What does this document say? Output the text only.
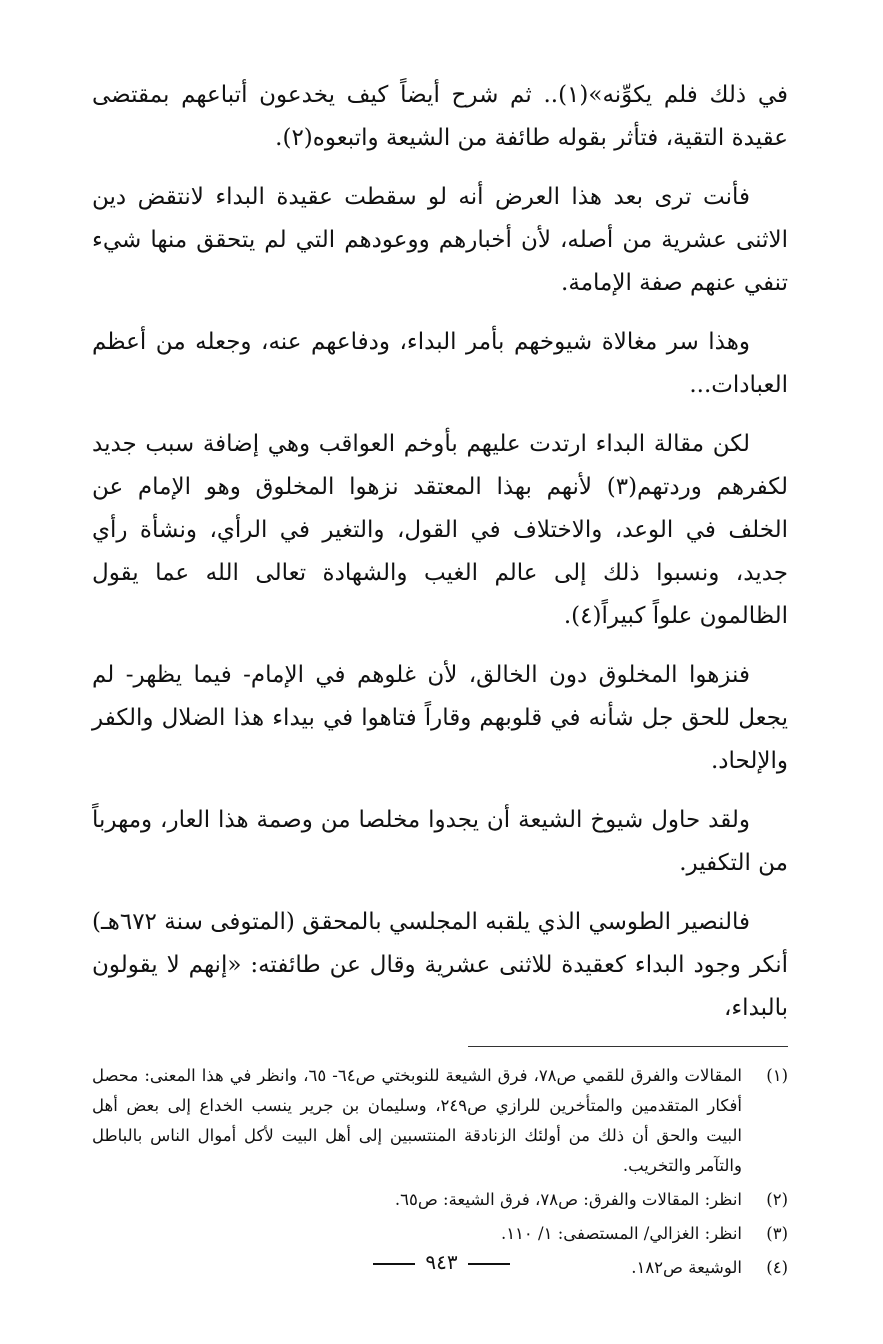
في ذلك فلم يكوِّنه»(١).. ثم شرح أيضاً كيف يخدعون أتباعهم بمقتضى عقيدة التقية، فتأثر بقوله طائفة من الشيعة واتبعوه(٢).

فأنت ترى بعد هذا العرض أنه لو سقطت عقيدة البداء لانتقض دين الاثنى عشرية من أصله، لأن أخبارهم ووعودهم التي لم يتحقق منها شيء تنفي عنهم صفة الإمامة.

وهذا سر مغالاة شيوخهم بأمر البداء، ودفاعهم عنه، وجعله من أعظم العبادات...

لكن مقالة البداء ارتدت عليهم بأوخم العواقب وهي إضافة سبب جديد لكفرهم وردتهم(٣) لأنهم بهذا المعتقد نزهوا المخلوق وهو الإمام عن الخلف في الوعد، والاختلاف في القول، والتغير في الرأي، ونشأة رأي جديد، ونسبوا ذلك إلى عالم الغيب والشهادة تعالى الله عما يقول الظالمون علواً كبيراً(٤).

فنزهوا المخلوق دون الخالق، لأن غلوهم في الإمام- فيما يظهر- لم يجعل للحق جل شأنه في قلوبهم وقاراً فتاهوا في بيداء هذا الضلال والكفر والإلحاد.

ولقد حاول شيوخ الشيعة أن يجدوا مخلصا من وصمة هذا العار، ومهرباً من التكفير.

فالنصير الطوسي الذي يلقبه المجلسي بالمحقق (المتوفى سنة ٦٧٢هـ) أنكر وجود البداء كعقيدة للاثنى عشرية وقال عن طائفته: «إنهم لا يقولون بالبداء،

(١)
المقالات والفرق للقمي ص٧٨، فرق الشيعة للنوبختي ص٦٤- ٦٥، وانظر في هذا المعنى: محصل أفكار المتقدمين والمتأخرين للرازي ص٢٤٩، وسليمان بن جرير ينسب الخداع إلى بعض أهل البيت والحق أن ذلك من أولئك الزنادقة المنتسبين إلى أهل البيت لأكل أموال الناس بالباطل والتآمر والتخريب.
(٢)
انظر: المقالات والفرق: ص٧٨، فرق الشيعة: ص٦٥.
(٣)
انظر: الغزالي/ المستصفى: ١/ ١١٠.
(٤)
الوشيعة ص١٨٢.
٩٤٣
